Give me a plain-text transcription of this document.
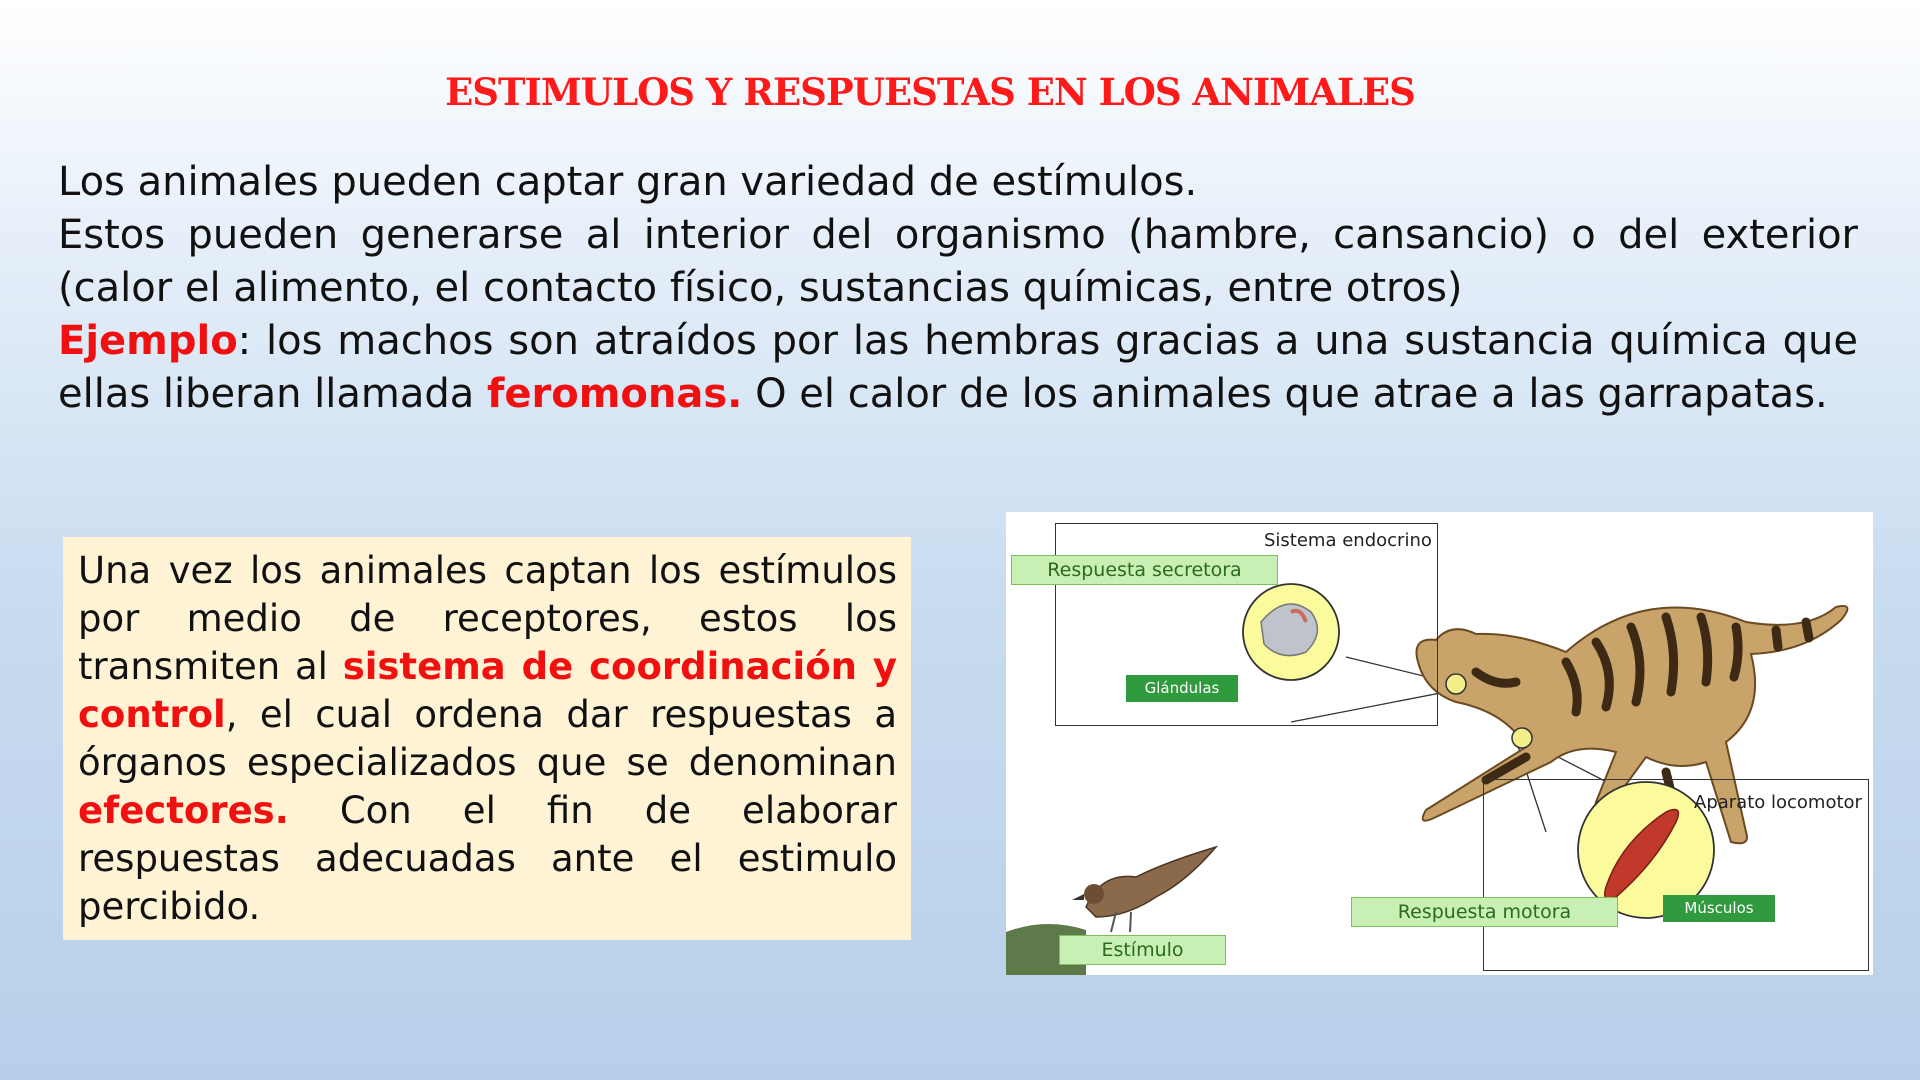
ESTIMULOS Y RESPUESTAS EN LOS ANIMALES

Los animales pueden captar gran variedad de estímulos.

Estos pueden generarse al interior del organismo (hambre, cansancio) o del exterior (calor el alimento, el contacto físico, sustancias químicas, entre otros)

Ejemplo: los machos son atraídos por las hembras gracias a una sustancia química que ellas liberan llamada feromonas. O el calor de los animales que atrae a las garrapatas.

Una vez los animales captan los estímulos por medio de receptores, estos los transmiten al sistema de coordinación y control, el cual ordena dar respuestas a órganos especializados que se denominan efectores. Con el fin de elaborar respuestas adecuadas ante el estimulo percibido.
Sistema endocrino
Respuesta secretora
Glándulas
Aparato locomotor
Respuesta motora	Músculos
Estímulo
